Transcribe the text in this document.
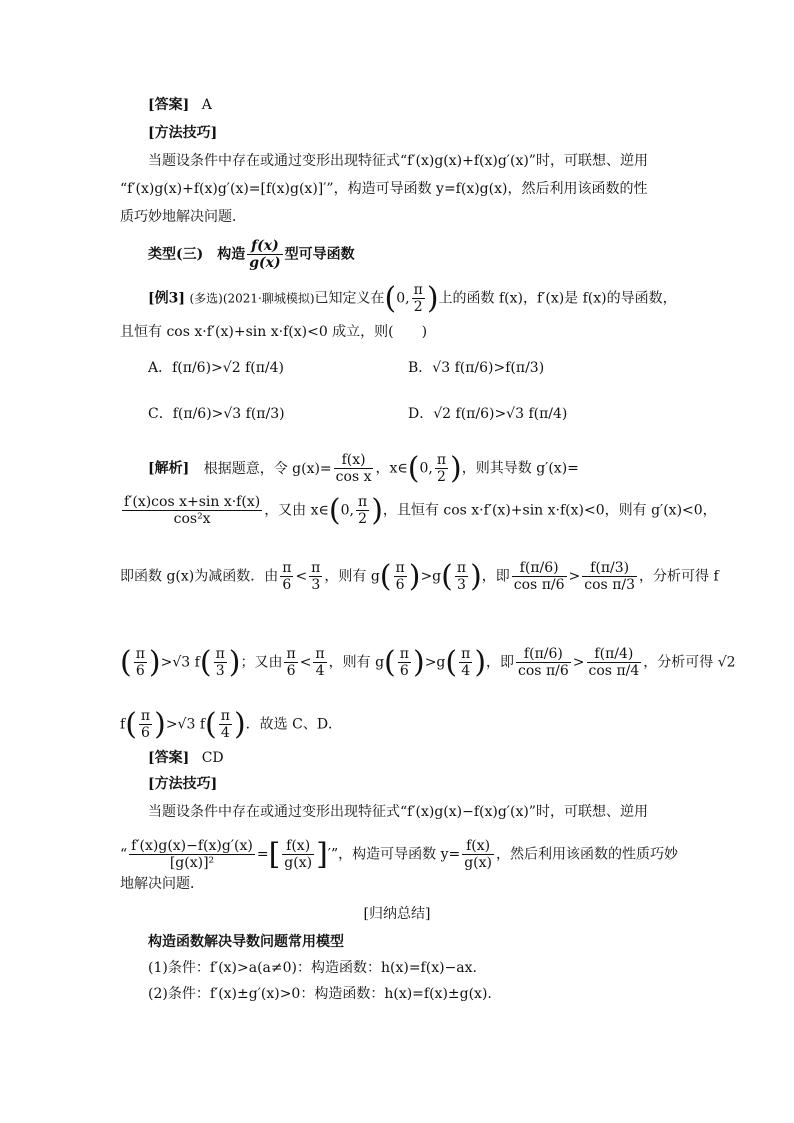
[答案] A
[方法技巧]
当题设条件中存在或通过变形出现特征式“f′(x)g(x)+f(x)g′(x)”时，可联想、逆用
“f′(x)g(x)+f(x)g′(x)=[f(x)g(x)]′”，构造可导函数 y=f(x)g(x)，然后利用该函数的性
质巧妙地解决问题．
类型(三)　构造 $\frac{f(x)}{g(x)}$ 型可导函数
[例3] (多选)(2021·聊城模拟)已知定义在(0, $\frac{\pi}{2}$ )上的函数 f(x)，f′(x)是 f(x)的导函数，
且恒有 cos x·f′(x)+sin x·f(x)<0 成立，则(　　)
A．f(π/6)>√2 f(π/4)	B．√3 f(π/6)>f(π/3)
C．f(π/6)>√3 f(π/3)	D．√2 f(π/6)>√3 f(π/4)
[解析] 根据题意，令 $g(x)= \frac{f(x)}{\text{cos x}}$ ，x∈(0, $\frac{\pi}{2}$ )，则其导数 g′(x)=
$\frac{\text{f′(x)cos x+sin x·f(x)}}{\text{cos²x}}$ ，又由 x∈(0, $\frac{\pi}{2}$ )，且恒有 cos x·f′(x)+sin x·f(x)<0，则有 g′(x)<0，
即函数 g(x)为减函数．由 $\frac{\pi}{6} < \frac{\pi}{3}$ ，则有 $g( \frac{\pi}{6} )>g( \frac{\pi}{3}$ )，即 $\frac{f(\pi/6)}{\text{cos π/6}} > \frac{f(\pi/3)}{\text{cos π/3}}$ ，分析可得 f
( $\frac{\pi}{6} )>√3$ $f( \frac{\pi}{3}$ )；又由 $\frac{\pi}{6} < \frac{\pi}{4}$ ，则有 $g( \frac{\pi}{6} )>g( \frac{\pi}{4}$ )，即 $\frac{f(\pi/6)}{\text{cos π/6}} > \frac{f(\pi/4)}{\text{cos π/4}}$ ，分析可得 √2
$f( \frac{\pi}{6} )>√3$ $f( \frac{\pi}{4}$ )．故选 C、D．
[答案] CD
[方法技巧]
当题设条件中存在或通过变形出现特征式“f′(x)g(x)−f(x)g′(x)”时，可联想、逆用
“ $\frac{f'(x)g(x)-f(x)g'(x)}{\text{[g(x)]²}}$ =[ $\frac{f(x)}{g(x)}$ ]′”，构造可导函数 $y= \frac{f(x)}{g(x)}$ ，然后利用该函数的性质巧妙
地解决问题．
[归纳总结]
构造函数解决导数问题常用模型
(1)条件：f′(x)>a(a≠0)：构造函数：h(x)=f(x)−ax.
(2)条件：f′(x)±g′(x)>0：构造函数：h(x)=f(x)±g(x).
